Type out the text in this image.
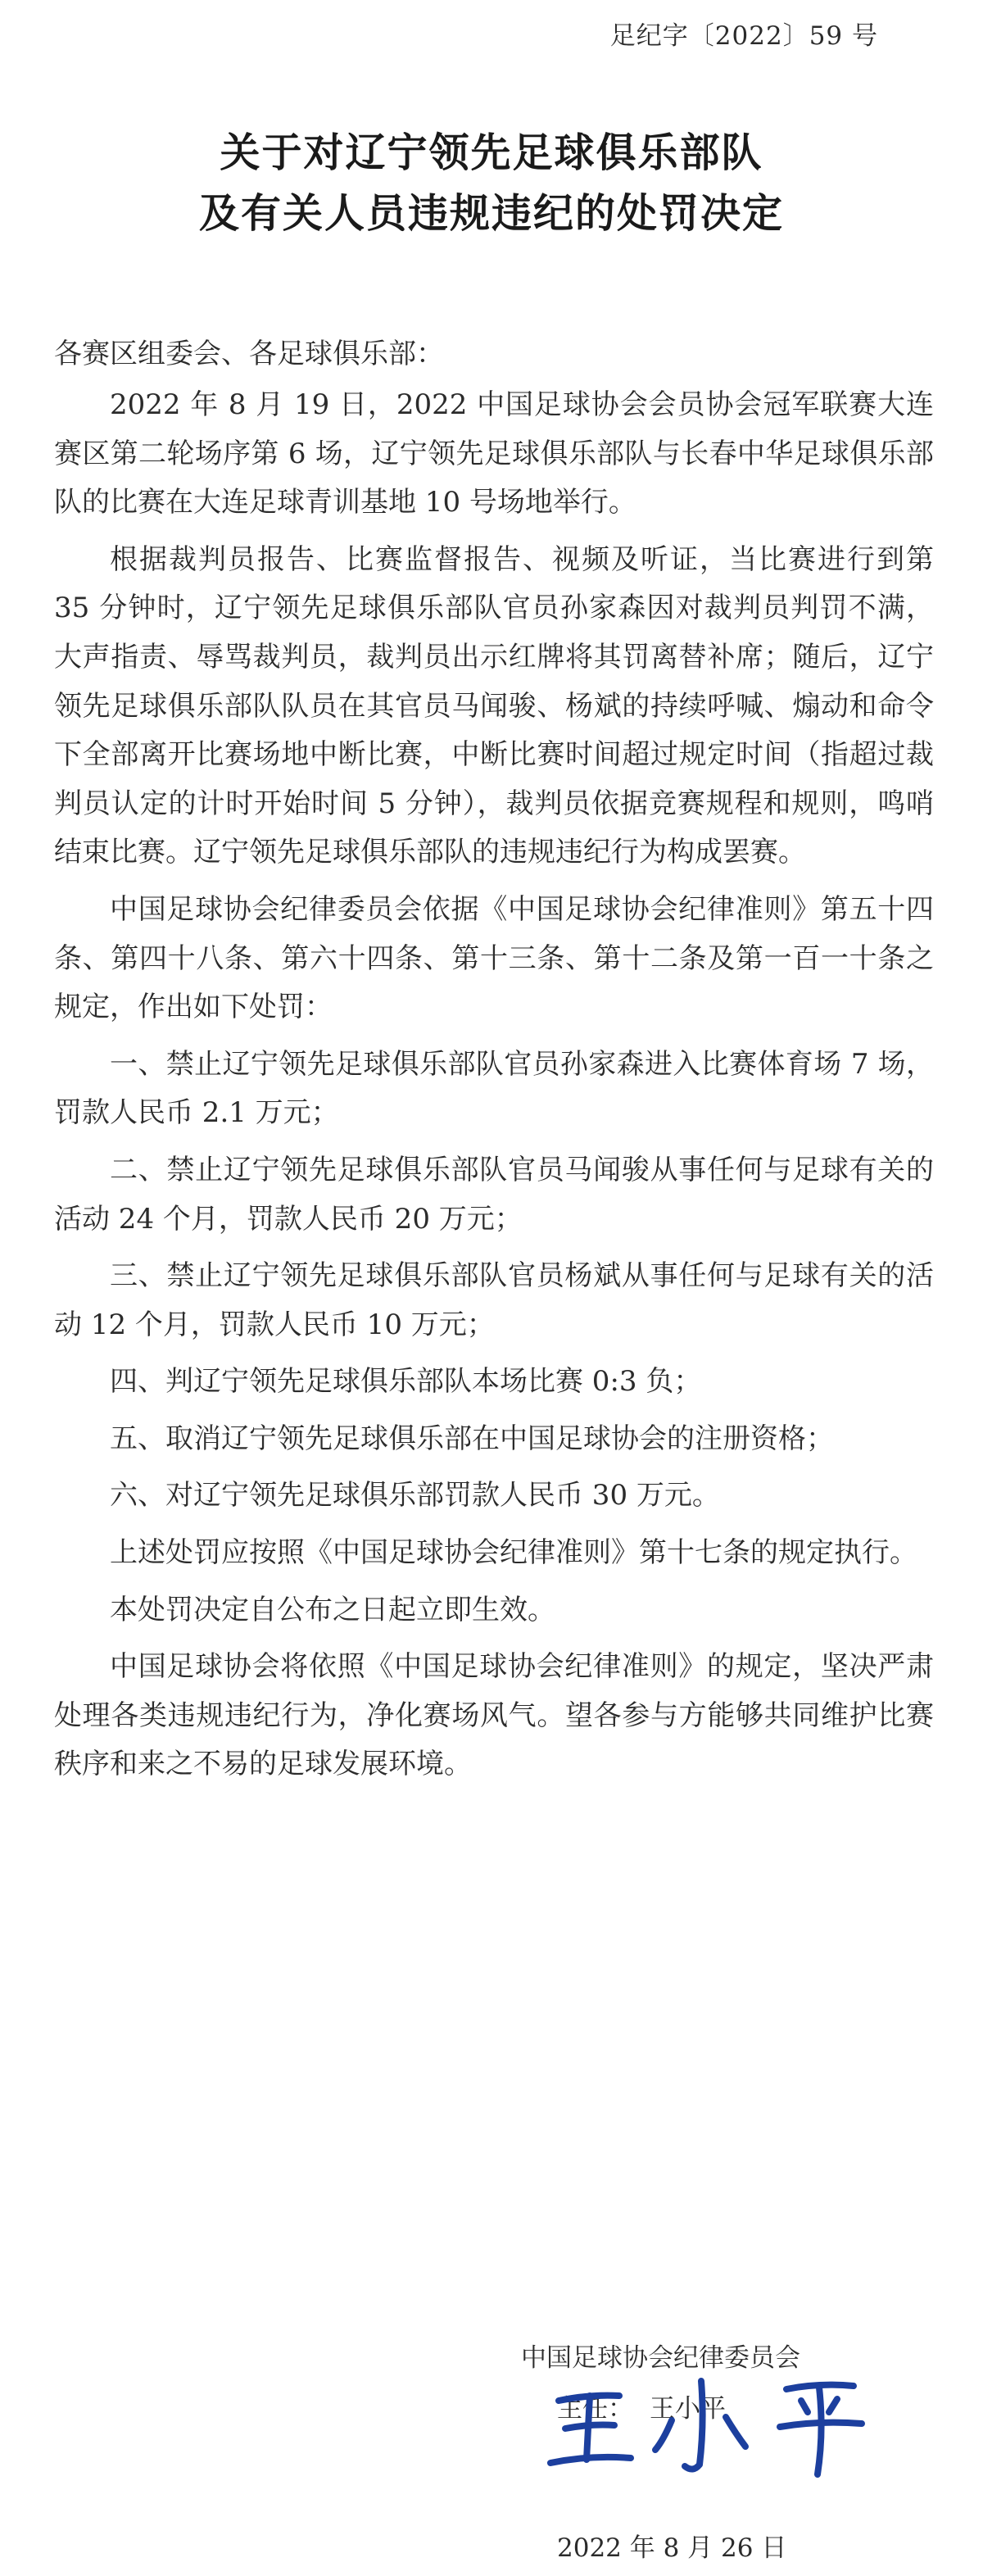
足纪字〔2022〕59 号
关于对辽宁领先足球俱乐部队
及有关人员违规违纪的处罚决定
各赛区组委会、各足球俱乐部：

2022 年 8 月 19 日，2022 中国足球协会会员协会冠军联赛大连赛区第二轮场序第 6 场，辽宁领先足球俱乐部队与长春中华足球俱乐部队的比赛在大连足球青训基地 10 号场地举行。

根据裁判员报告、比赛监督报告、视频及听证，当比赛进行到第 35 分钟时，辽宁领先足球俱乐部队官员孙家森因对裁判员判罚不满，大声指责、辱骂裁判员，裁判员出示红牌将其罚离替补席；随后，辽宁领先足球俱乐部队队员在其官员马闻骏、杨斌的持续呼喊、煽动和命令下全部离开比赛场地中断比赛，中断比赛时间超过规定时间（指超过裁判员认定的计时开始时间 5 分钟），裁判员依据竞赛规程和规则，鸣哨结束比赛。辽宁领先足球俱乐部队的违规违纪行为构成罢赛。

中国足球协会纪律委员会依据《中国足球协会纪律准则》第五十四条、第四十八条、第六十四条、第十三条、第十二条及第一百一十条之规定，作出如下处罚：

一、禁止辽宁领先足球俱乐部队官员孙家森进入比赛体育场 7 场，罚款人民币 2.1 万元；

二、禁止辽宁领先足球俱乐部队官员马闻骏从事任何与足球有关的活动 24 个月，罚款人民币 20 万元；

三、禁止辽宁领先足球俱乐部队官员杨斌从事任何与足球有关的活动 12 个月，罚款人民币 10 万元；

四、判辽宁领先足球俱乐部队本场比赛 0:3 负；

五、取消辽宁领先足球俱乐部在中国足球协会的注册资格；

六、对辽宁领先足球俱乐部罚款人民币 30 万元。

上述处罚应按照《中国足球协会纪律准则》第十七条的规定执行。

本处罚决定自公布之日起立即生效。

中国足球协会将依照《中国足球协会纪律准则》的规定，坚决严肃处理各类违规违纪行为，净化赛场风气。望各参与方能够共同维护比赛秩序和来之不易的足球发展环境。

中国足球协会纪律委员会
主任： 王小平
2022 年 8 月 26 日
